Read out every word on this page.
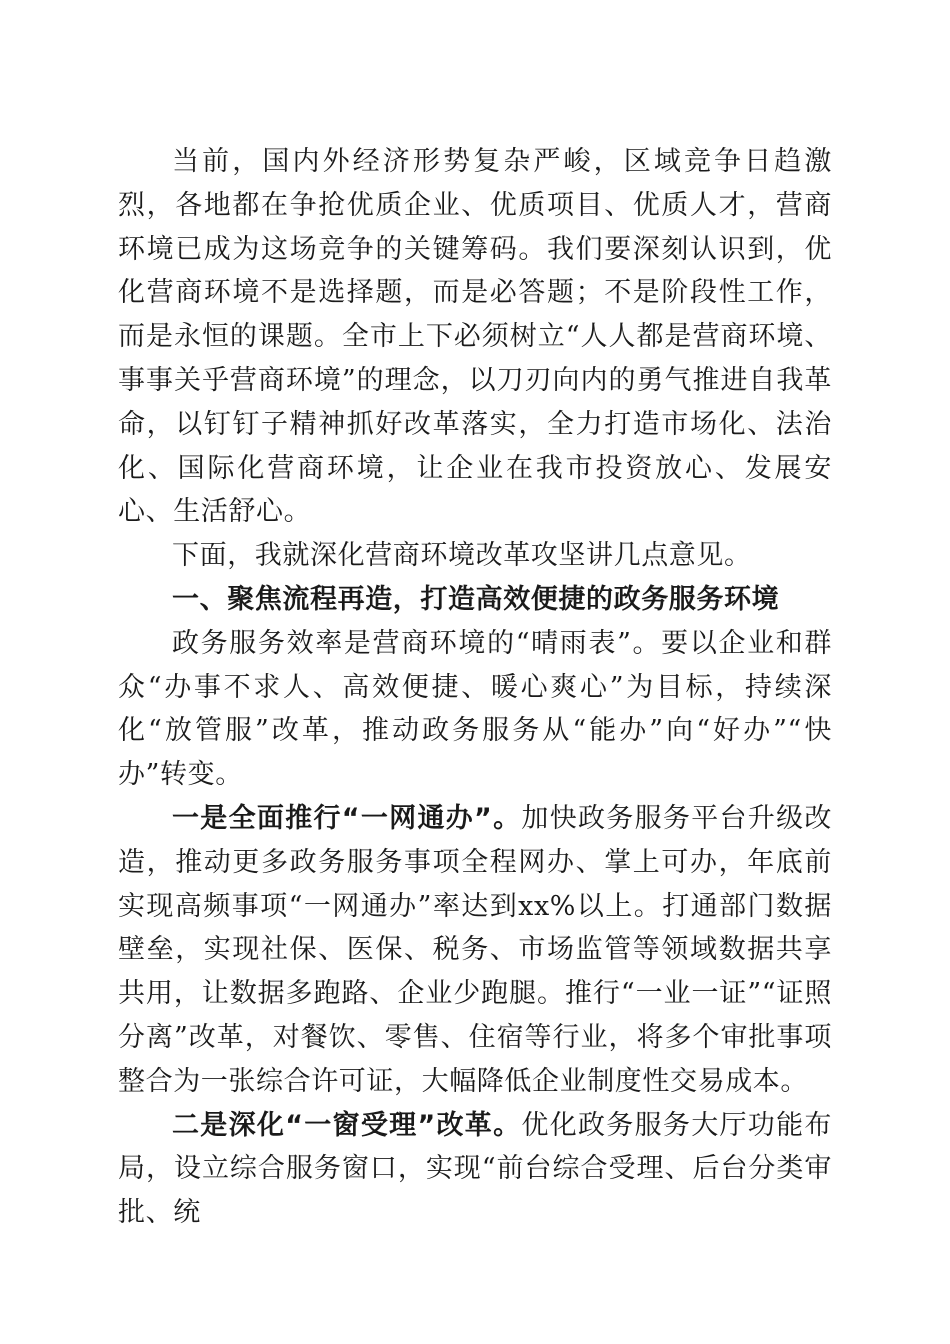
当前，国内外经济形势复杂严峻，区域竞争日趋激烈，各地都在争抢优质企业、优质项目、优质人才，营商环境已成为这场竞争的关键筹码。我们要深刻认识到，优化营商环境不是选择题，而是必答题；不是阶段性工作，而是永恒的课题。全市上下必须树立“人人都是营商环境、事事关乎营商环境”的理念，以刀刃向内的勇气推进自我革命，以钉钉子精神抓好改革落实，全力打造市场化、法治化、国际化营商环境，让企业在我市投资放心、发展安心、生活舒心。

下面，我就深化营商环境改革攻坚讲几点意见。

一、聚焦流程再造，打造高效便捷的政务服务环境

政务服务效率是营商环境的“晴雨表”。要以企业和群众“办事不求人、高效便捷、暖心爽心”为目标，持续深化“放管服”改革，推动政务服务从“能办”向“好办”“快办”转变。

一是全面推行“一网通办”。加快政务服务平台升级改造，推动更多政务服务事项全程网办、掌上可办，年底前实现高频事项“一网通办”率达到xx%以上。打通部门数据壁垒，实现社保、医保、税务、市场监管等领域数据共享共用，让数据多跑路、企业少跑腿。推行“一业一证”“证照分离”改革，对餐饮、零售、住宿等行业，将多个审批事项整合为一张综合许可证，大幅降低企业制度性交易成本。

二是深化“一窗受理”改革。优化政务服务大厅功能布局，设立综合服务窗口，实现“前台综合受理、后台分类审批、统
